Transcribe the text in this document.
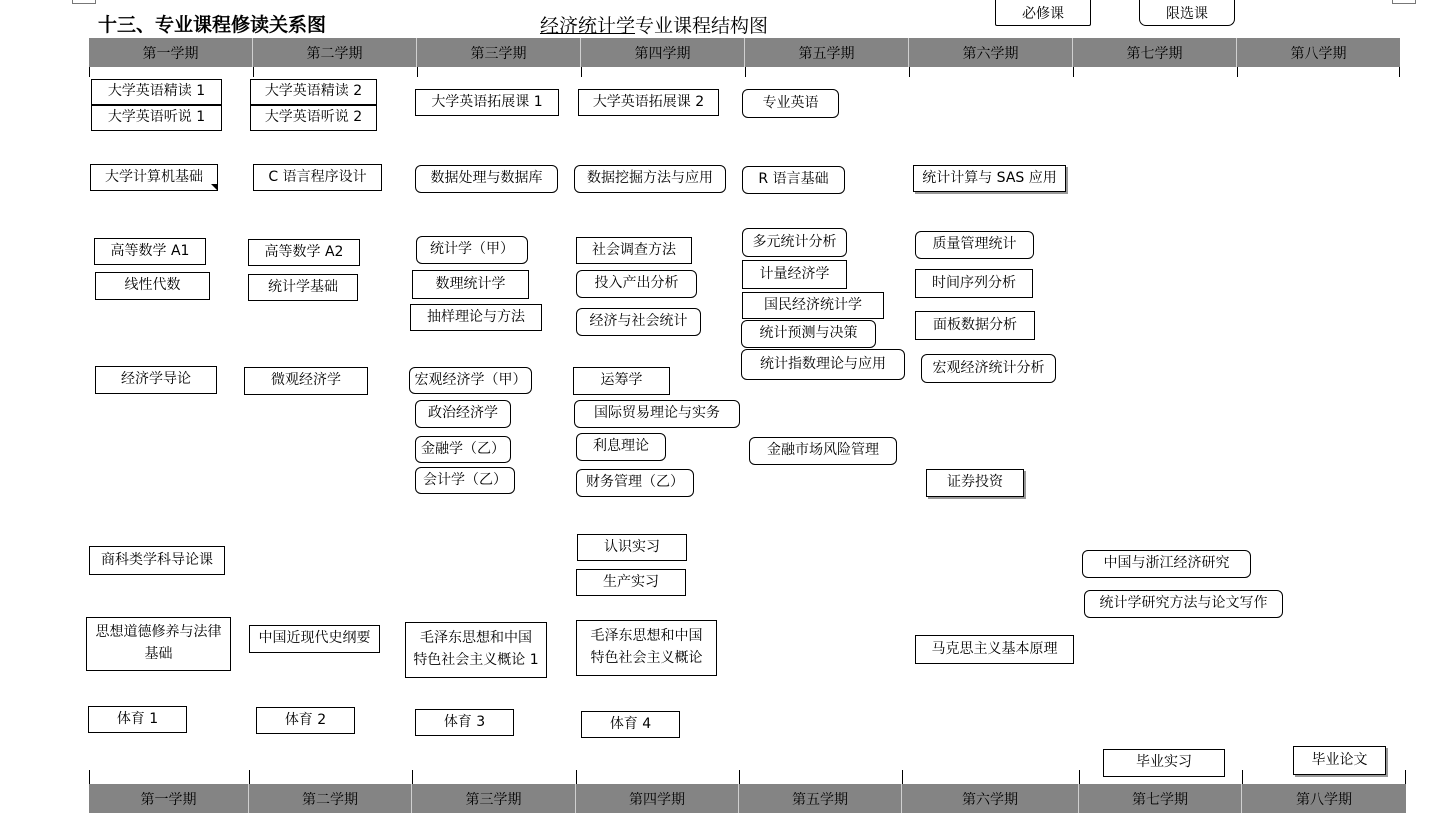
十三、专业课程修读关系图	经济统计学专业课程结构图
必修课	限选课
第一学期	第二学期	第三学期	第四学期	第五学期	第六学期	第七学期	第八学期
第一学期	第二学期	第三学期	第四学期	第五学期	第六学期	第七学期	第八学期
大学英语精读 1
大学英语听说 1
大学英语精读 2
大学英语听说 2
大学英语拓展课 1	大学英语拓展课 2	专业英语
大学计算机基础	C 语言程序设计	数据处理与数据库	数据挖掘方法与应用	R 语言基础	统计计算与 SAS 应用
高等数学 A1
线性代数
高等数学 A2
统计学基础
统计学（甲）
数理统计学
抽样理论与方法
社会调查方法
投入产出分析
经济与社会统计
多元统计分析
计量经济学
国民经济统计学
统计预测与决策
统计指数理论与应用
质量管理统计
时间序列分析
面板数据分析
宏观经济统计分析
经济学导论	微观经济学	宏观经济学（甲）
政治经济学
金融学（乙）
会计学（乙）
运筹学
国际贸易理论与实务
利息理论
财务管理（乙）
金融市场风险管理
证券投资
商科类学科导论课
认识实习
生产实习
中国与浙江经济研究
统计学研究方法与论文写作
思想道德修养与法律
基础
中国近现代史纲要	毛泽东思想和中国
特色社会主义概论 1
毛泽东思想和中国
特色社会主义概论
马克思主义基本原理
体育 1	体育 2	体育 3	体育 4
毕业实习	毕业论文
